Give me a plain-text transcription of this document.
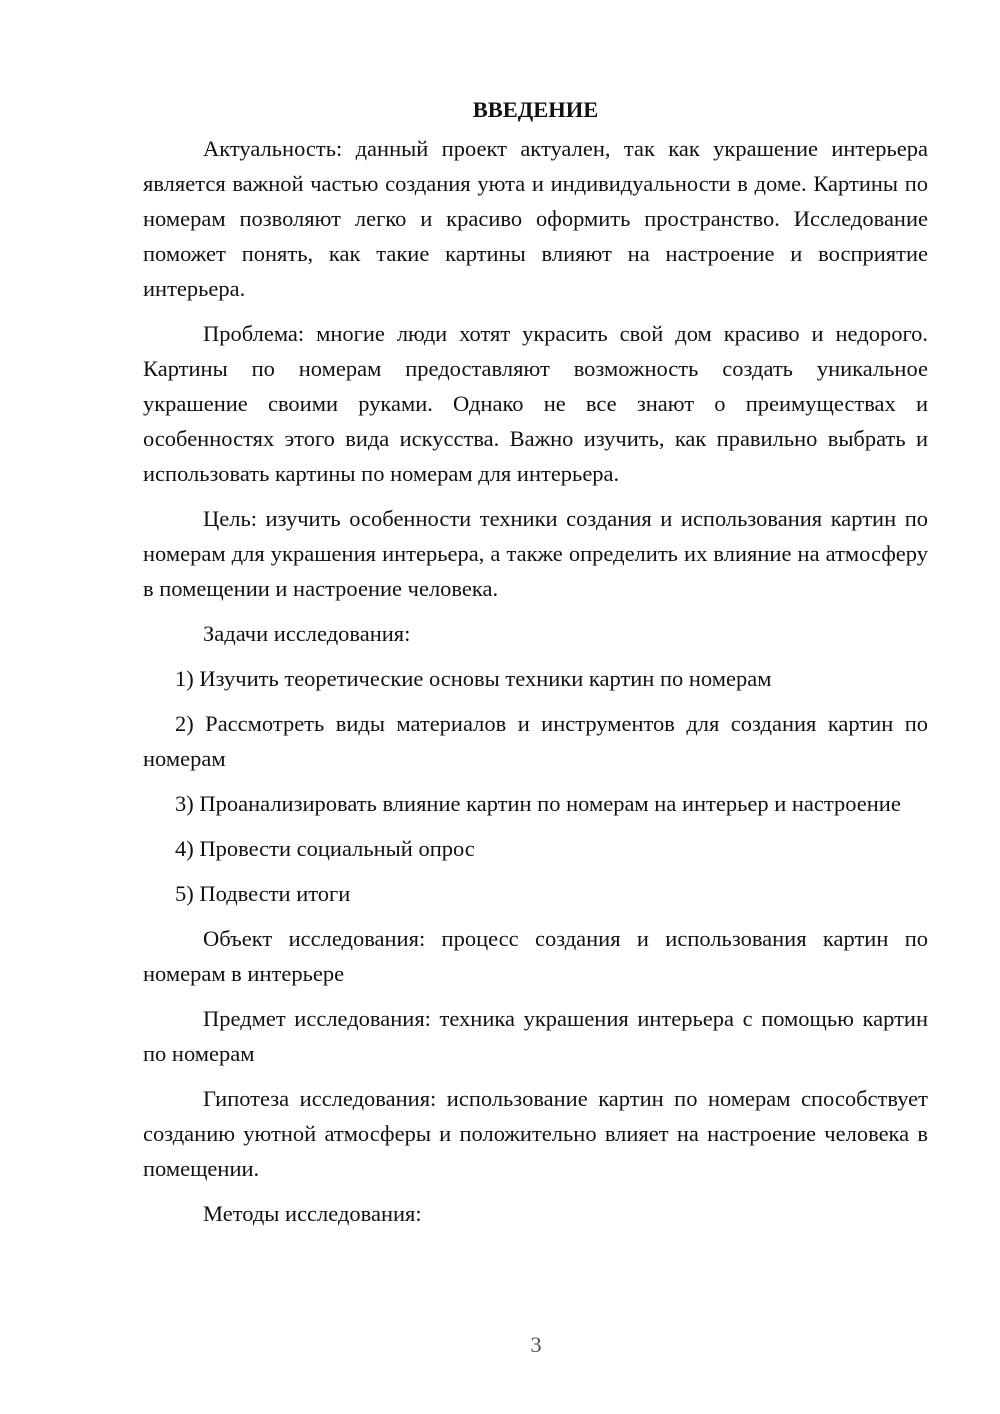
ВВЕДЕНИЕ

Актуальность: данный проект актуален, так как украшение интерьера является важной частью создания уюта и индивидуальности в доме. Картины по номерам позволяют легко и красиво оформить пространство. Исследование поможет понять, как такие картины влияют на настроение и восприятие интерьера.

Проблема: многие люди хотят украсить свой дом красиво и недорого. Картины по номерам предоставляют возможность создать уникальное украшение своими руками. Однако не все знают о преимуществах и особенностях этого вида искусства. Важно изучить, как правильно выбрать и использовать картины по номерам для интерьера.

Цель: изучить особенности техники создания и использования картин по номерам для украшения интерьера, а также определить их влияние на атмосферу в помещении и настроение человека.

Задачи исследования:

1) Изучить теоретические основы техники картин по номерам

2) Рассмотреть виды материалов и инструментов для создания картин по номерам

3) Проанализировать влияние картин по номерам на интерьер и настроение

4) Провести социальный опрос

5) Подвести итоги

Объект исследования: процесс создания и использования картин по номерам в интерьере

Предмет исследования: техника украшения интерьера с помощью картин по номерам

Гипотеза исследования: использование картин по номерам способствует созданию уютной атмосферы и положительно влияет на настроение человека в помещении.

Методы исследования:

3
